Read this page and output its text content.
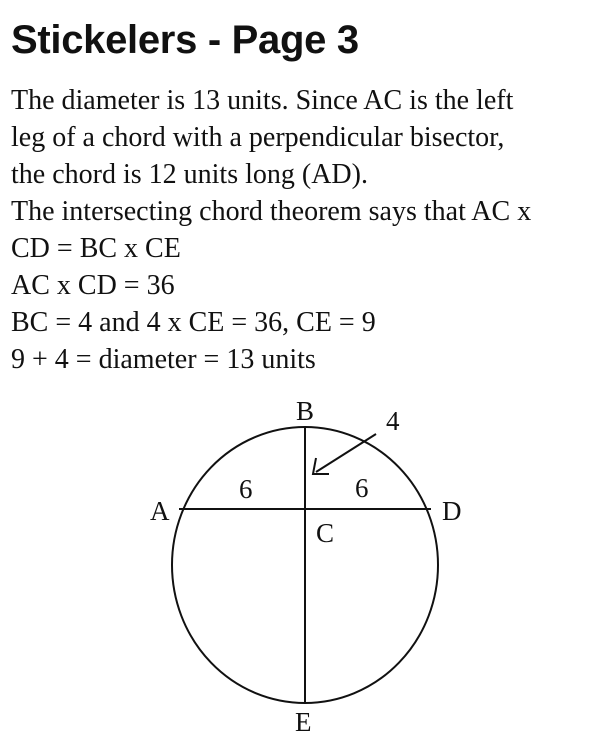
Stickelers - Page 3
The diameter is 13 units. Since AC is the left
leg of a chord with a perpendicular bisector,
the chord is 12 units long (AD).
The intersecting chord theorem says that AC x
CD = BC x CE
AC x CD = 36
BC = 4 and 4 x CE = 36, CE = 9
9 + 4 = diameter = 13 units
A
B
C
D
E
6	6
4
